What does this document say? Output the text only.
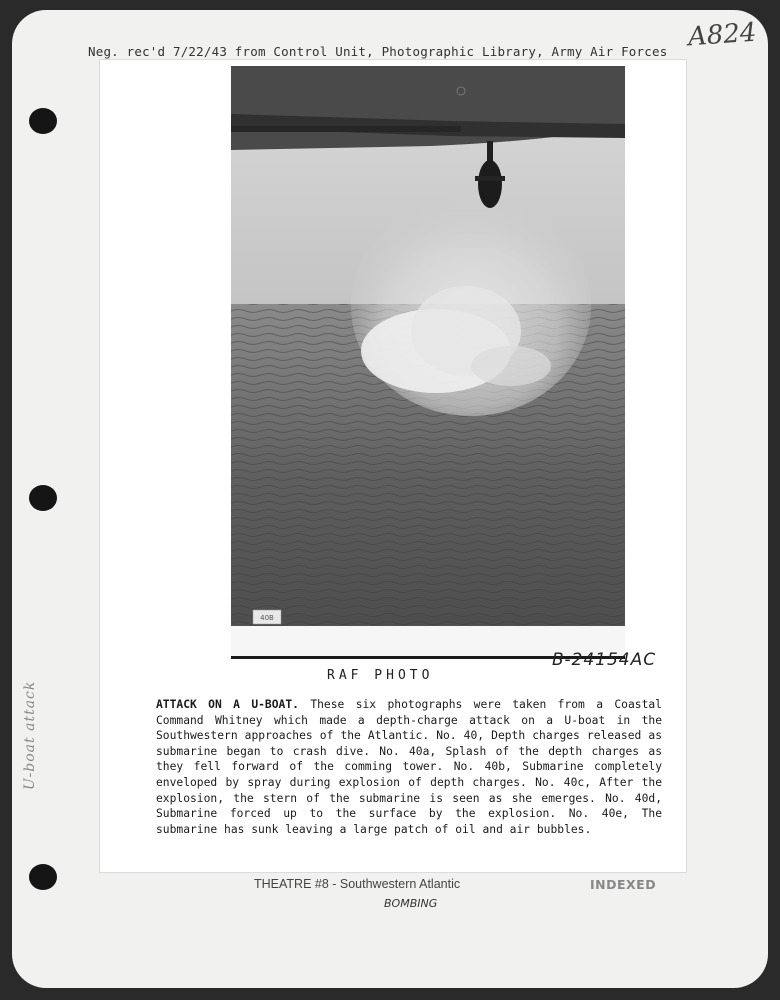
Neg. rec'd 7/22/43 from Control Unit, Photographic Library, Army Air Forces A824
40B
RAF PHOTO
B-24154AC
ATTACK ON A U-BOAT. These six photographs were taken from a Coastal Command Whitney which made a depth-charge attack on a U-boat in the Southwestern approaches of the Atlantic. No. 40, Depth charges released as submarine began to crash dive. No. 40a, Splash of the depth charges as they fell forward of the comming tower. No. 40b, Submarine completely enveloped by spray during explosion of depth charges. No. 40c, After the explosion, the stern of the submarine is seen as she emerges. No. 40d, Submarine forced up to the surface by the explosion. No. 40e, The submarine has sunk leaving a large patch of oil and air bubbles.
THEATRE #8 - Southwestern Atlantic	INDEXED
BOMBING
U-boat attack
